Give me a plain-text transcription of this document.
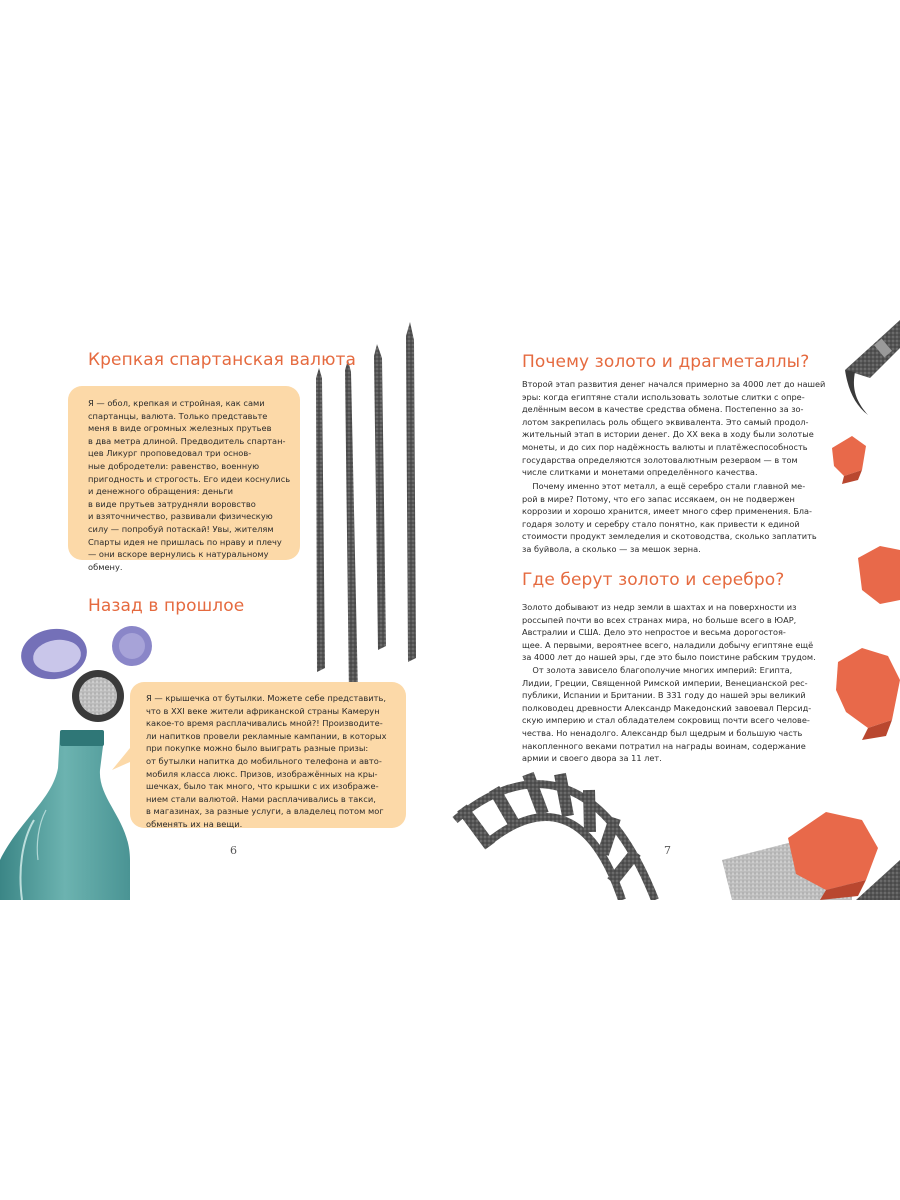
Крепкая спартанская валюта
Я — обол, крепкая и стройная, как сами
спартанцы, валюта. Только представьте
меня в виде огромных железных прутьев
в два метра длиной. Предводитель спартан-
цев Ликург проповедовал три основ-
ные добродетели: равенство, военную
пригодность и строгость. Его идеи коснулись
и денежного обращения: деньги
в виде прутьев затрудняли воровство
и взяточничество, развивали физическую
силу — попробуй потаскай! Увы, жителям
Спарты идея не пришлась по нраву и плечу
— они вскоре вернулись к натуральному
обмену.
Назад в прошлое
Я — крышечка от бутылки. Можете себе представить,
что в XXI веке жители африканской страны Камерун
какое-то время расплачивались мной?! Производите-
ли напитков провели рекламные кампании, в которых
при покупке можно было выиграть разные призы:
от бутылки напитка до мобильного телефона и авто-
мобиля класса люкс. Призов, изображённых на кры-
шечках, было так много, что крышки с их изображе-
нием стали валютой. Нами расплачивались в такси,
в магазинах, за разные услуги, а владелец потом мог
обменять их на вещи.
6
Почему золото и драгметаллы?
Второй этап развития денег начался примерно за 4000 лет до нашей
эры: когда египтяне стали использовать золотые слитки с опре-
делённым весом в качестве средства обмена. Постепенно за зо-
лотом закрепилась роль общего эквивалента. Это самый продол-
жительный этап в истории денег. До XX века в ходу были золотые
монеты, и до сих пор надёжность валюты и платёжеспособность
государства определяются золотовалютным резервом — в том
числе слитками и монетами определённого качества.
Почему именно этот металл, а ещё серебро стали главной ме-
рой в мире? Потому, что его запас иссякаем, он не подвержен
коррозии и хорошо хранится, имеет много сфер применения. Бла-
годаря золоту и серебру стало понятно, как привести к единой
стоимости продукт земледелия и скотоводства, сколько заплатить
за буйвола, а сколько — за мешок зерна.
Где берут золото и серебро?
Золото добывают из недр земли в шахтах и на поверхности из
россыпей почти во всех странах мира, но больше всего в ЮАР,
Австралии и США. Дело это непростое и весьма дорогостоя-
щее. А первыми, вероятнее всего, наладили добычу египтяне ещё
за 4000 лет до нашей эры, где это было поистине рабским трудом.
От золота зависело благополучие многих империй: Египта,
Лидии, Греции, Священной Римской империи, Венецианской рес-
публики, Испании и Британии. В 331 году до нашей эры великий
полководец древности Александр Македонский завоевал Персид-
скую империю и стал обладателем сокровищ почти всего челове-
чества. Но ненадолго. Александр был щедрым и большую часть
накопленного веками потратил на награды воинам, содержание
армии и своего двора за 11 лет.
7
